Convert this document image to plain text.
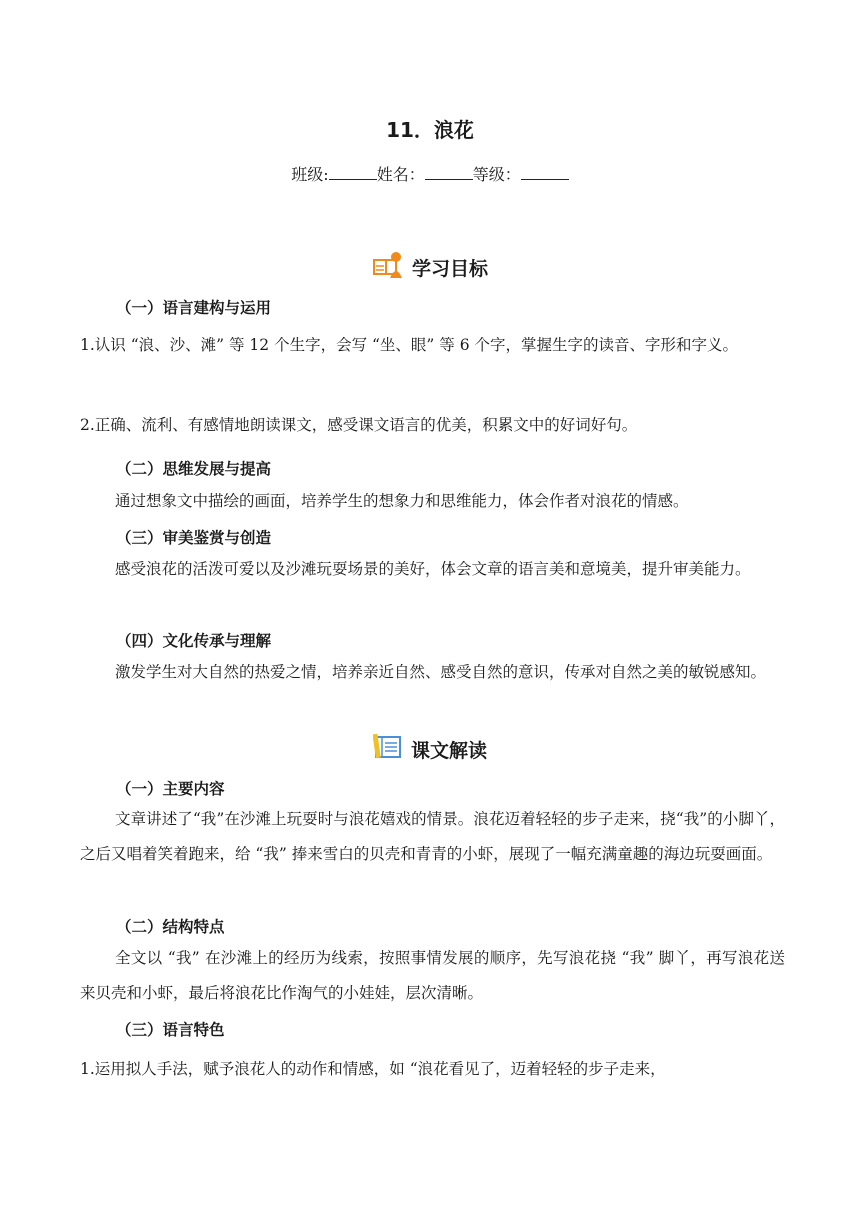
11．浪花
班级:	姓名：	等级：
学习目标
（一）语言建构与运用
1.认识 “浪、沙、滩” 等 12 个生字，会写 “坐、眼” 等 6 个字，掌握生字的读音、字形和字义。
2.正确、流利、有感情地朗读课文，感受课文语言的优美，积累文中的好词好句。
（二）思维发展与提高
通过想象文中描绘的画面，培养学生的想象力和思维能力，体会作者对浪花的情感。
（三）审美鉴赏与创造
感受浪花的活泼可爱以及沙滩玩耍场景的美好，体会文章的语言美和意境美，提升审美能力。
（四）文化传承与理解
激发学生对大自然的热爱之情，培养亲近自然、感受自然的意识，传承对自然之美的敏锐感知。
课文解读
（一）主要内容
文章讲述了“我”在沙滩上玩耍时与浪花嬉戏的情景。浪花迈着轻轻的步子走来，挠“我”的小脚丫，之后又唱着笑着跑来，给 “我” 捧来雪白的贝壳和青青的小虾，展现了一幅充满童趣的海边玩耍画面。
（二）结构特点
全文以 “我” 在沙滩上的经历为线索，按照事情发展的顺序，先写浪花挠 “我” 脚丫，再写浪花送来贝壳和小虾，最后将浪花比作淘气的小娃娃，层次清晰。
（三）语言特色
1.运用拟人手法，赋予浪花人的动作和情感，如 “浪花看见了，迈着轻轻的步子走来，
